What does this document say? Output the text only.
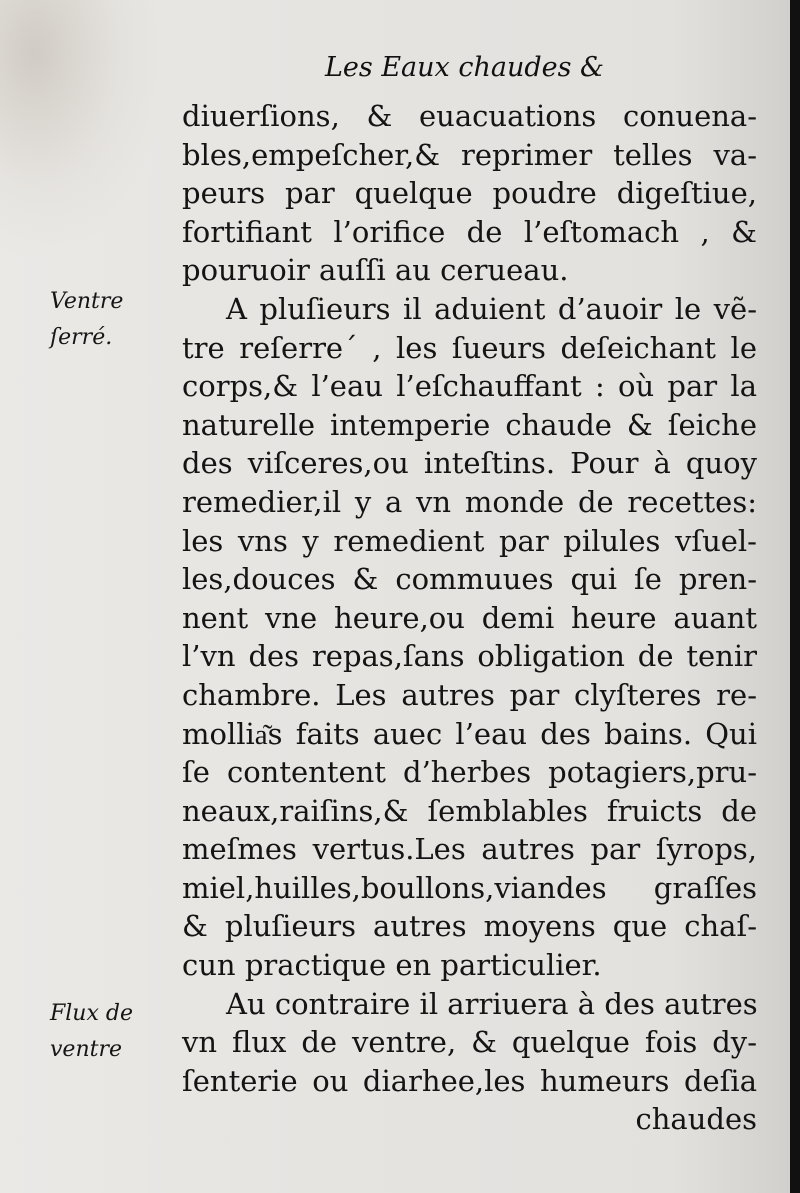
Les Eaux chaudes &
Ventre
ſerré.
Flux de
ventre
diuerſions, & euacuations conuena-
bles,empeſcher,& reprimer telles va-
peurs par quelque poudre digeſtiue,
fortifiant l’orifice de l’eſtomach , &
pouruoir auſſi au cerueau.
A pluſieurs il aduient d’auoir le vẽ-
tre reſerre´ , les ſueurs deſeichant le
corps,& l’eau l’eſchauffant : où par la
naturelle intemperie chaude & ſeiche
des viſceres,ou inteſtins. Pour à quoy
remedier,il y a vn monde de recettes:
les vns y remedient par pilules vſuel-
les,douces & commuues qui ſe pren-
nent vne heure,ou demi heure auant
l’vn des repas,ſans obligation de tenir
chambre. Les autres par clyſteres re-
mollia͂s faits auec l’eau des bains. Qui
ſe contentent d’herbes potagiers,pru-
neaux,raiſins,& ſemblables fruicts de
meſmes vertus.Les autres par ſyrops,
miel,huilles,boullons,viandes graſſes
& pluſieurs autres moyens que chaſ-
cun practique en particulier.
Au contraire il arriuera à des autres
vn flux de ventre, & quelque fois dy-
ſenterie ou diarhee,les humeurs deſia
chaudes
